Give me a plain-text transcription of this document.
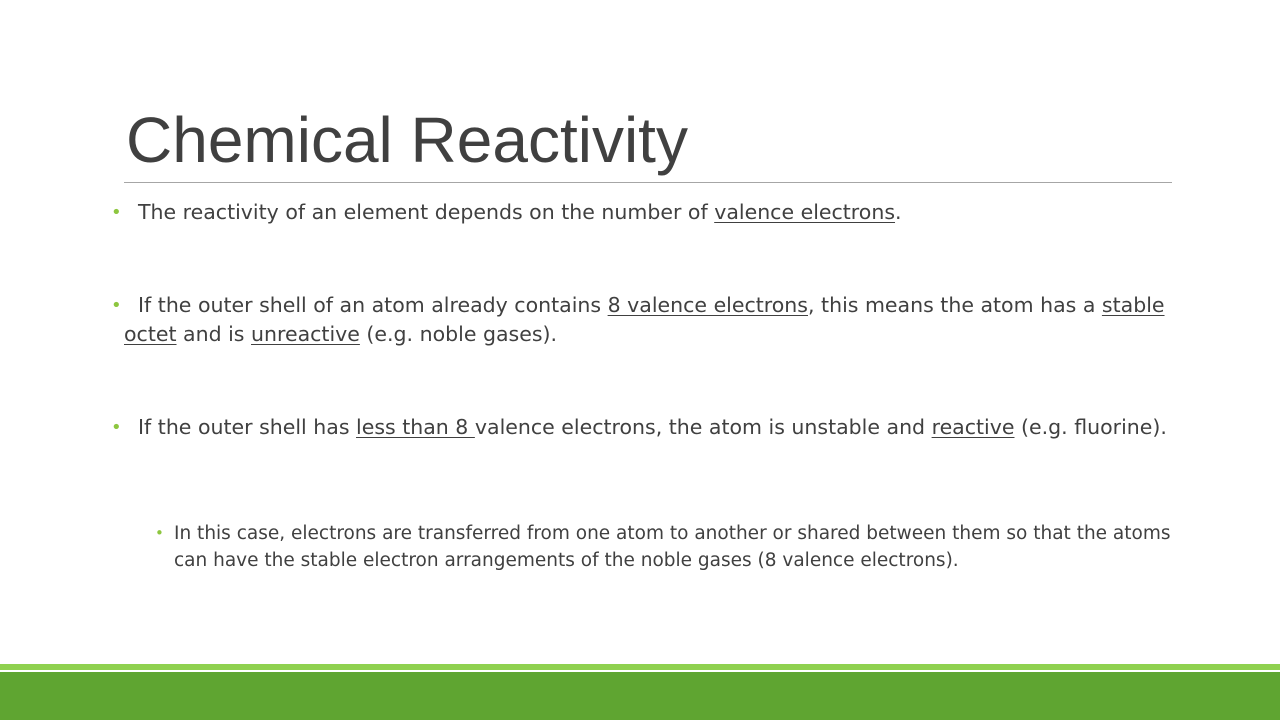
Chemical Reactivity
• The reactivity of an element depends on the number of valence electrons.
• If the outer shell of an atom already contains 8 valence electrons, this means the atom has a stable octet and is unreactive (e.g. noble gases).
• If the outer shell has less than 8 valence electrons, the atom is unstable and reactive (e.g. fluorine).
• In this case, electrons are transferred from one atom to another or shared between them so that the atoms can have the stable electron arrangements of the noble gases (8 valence electrons).
